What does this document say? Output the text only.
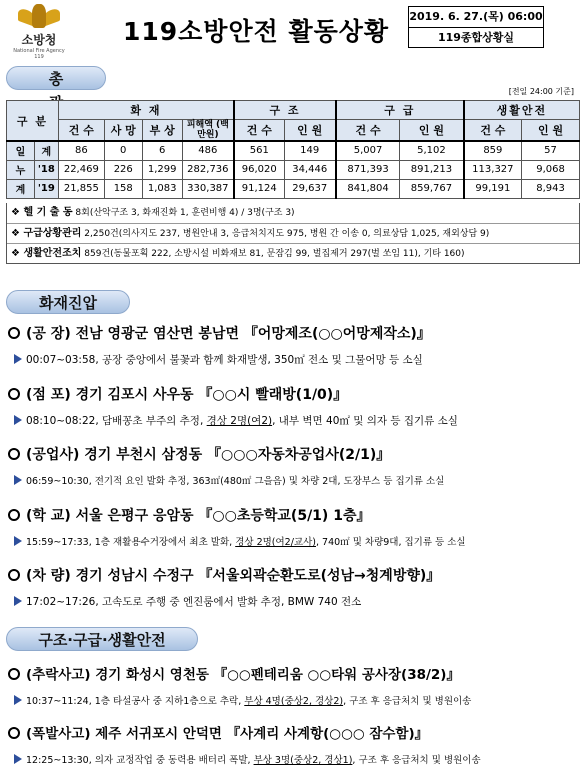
소방청
National Fire Agency 119
119소방안전 활동상황
2019. 6. 27.(목) 06:00
119종합상황실
총
[전일 24:00 기준]
구 분		화 재				구 조		구 급		생활안전	
		건 수	사 망	부 상	피해액 (백만원)	건 수	인 원	건 수	인 원	건 수	인 원
일	계	86	0	6	486	561	149	5,007	5,102	859	57
누	'18	22,469	226	1,299	282,736	96,020	34,446	871,393	891,213	113,327	9,068
계	'19	21,855	158	1,083	330,387	91,124	29,637	841,804	859,767	99,191	8,943
❖ 헬 기 출 동 8회(산악구조 3, 화재진화 1, 훈련비행 4) / 3명(구조 3)
❖ 구급상황관리 2,250건(의사지도 237, 병원안내 3, 응급처치지도 975, 병원 간 이송 0, 의료상담 1,025, 재외상담 9)
❖ 생활안전조치 859건(동물포획 222, 소방시설 비화재보 81, 문잠김 99, 벌집제거 297(벌 쏘임 11), 기타 160)
화재진압
(공 장) 전남 영광군 염산면 봉남면 『어망제조(○○어망제작소)』
00:07~03:58, 공장 중앙에서 불꽃과 함께 화재발생, 350㎡ 전소 및 그물어망 등 소실
(점 포) 경기 김포시 사우동 『○○시 빨래방(1/0)』
08:10~08:22, 담배꽁초 부주의 추정, 경상 2명(여2), 내부 벽면 40㎡ 및 의자 등 집기류 소실
(공업사) 경기 부천시 삼정동 『○○○자동차공업사(2/1)』
06:59~10:30, 전기적 요인 발화 추정, 363㎡(480㎡ 그을음) 및 차량 2대, 도장부스 등 집기류 소실
(학 교) 서울 은평구 응암동 『○○초등학교(5/1) 1층』
15:59~17:33, 1층 재활용수거장에서 최초 발화, 경상 2명(여2/교사), 740㎡ 및 차량9대, 집기류 등 소실
(차 량) 경기 성남시 수정구 『서울외곽순환도로(성남→청계방향)』
17:02~17:26, 고속도로 주행 중 엔진룸에서 발화 추정, BMW 740 전소
구조·구급·생활안전
(추락사고) 경기 화성시 영천동 『○○펜테리움 ○○타워 공사장(38/2)』
10:37~11:24, 1층 타설공사 중 지하1층으로 추락, 부상 4명(중상2, 경상2), 구조 후 응급처치 및 병원이송
(폭발사고) 제주 서귀포시 안덕면 『사계리 사계항(○○○ 잠수함)』
12:25~13:30, 의자 교정작업 중 동력용 배터리 폭발, 부상 3명(중상2, 경상1), 구조 후 응급처치 및 병원이송
